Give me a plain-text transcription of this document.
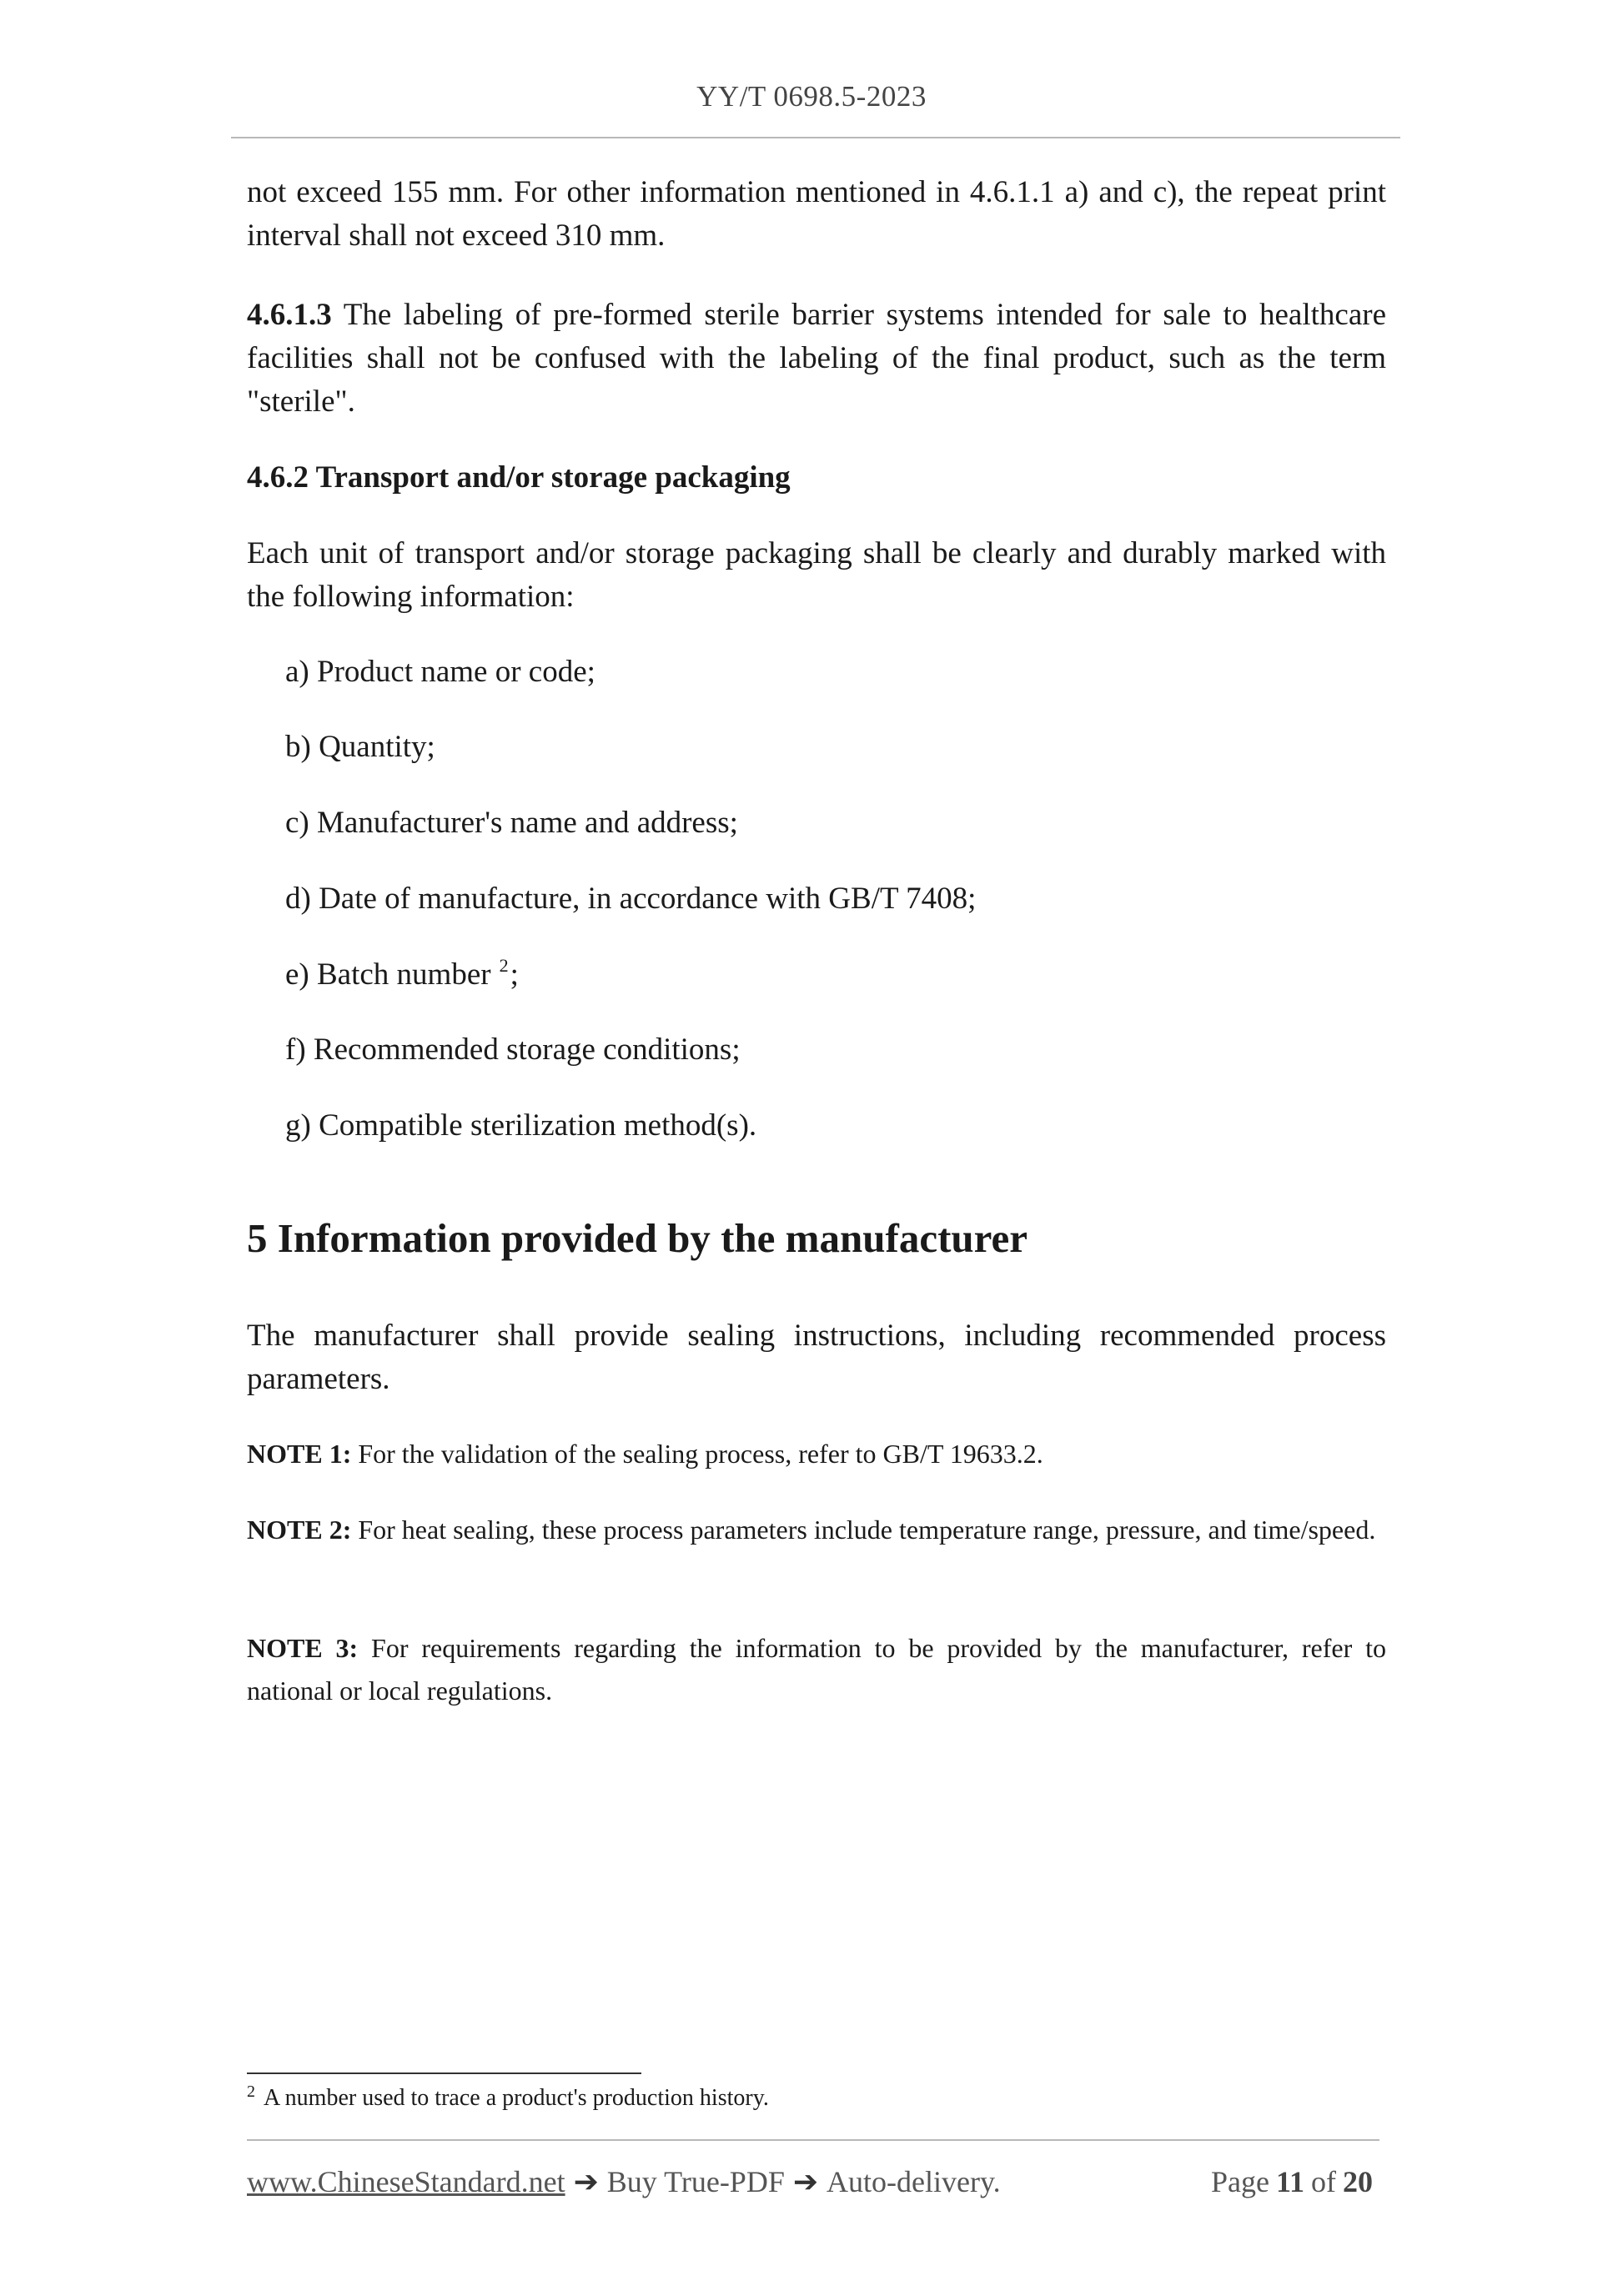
YY/T 0698.5-2023

not exceed 155 mm. For other information mentioned in 4.6.1.1 a) and c), the repeat print interval shall not exceed 310 mm.

4.6.1.3 The labeling of pre-formed sterile barrier systems intended for sale to healthcare facilities shall not be confused with the labeling of the final product, such as the term "sterile".

4.6.2 Transport and/or storage packaging

Each unit of transport and/or storage packaging shall be clearly and durably marked with the following information:

a) Product name or code;
b) Quantity;
c) Manufacturer's name and address;
d) Date of manufacture, in accordance with GB/T 7408;
e) Batch number $^2$;
f) Recommended storage conditions;
g) Compatible sterilization method(s).
5 Information provided by the manufacturer

The manufacturer shall provide sealing instructions, including recommended process parameters.

NOTE 1: For the validation of the sealing process, refer to GB/T 19633.2.

NOTE 2: For heat sealing, these process parameters include temperature range, pressure, and time/speed.

NOTE 3: For requirements regarding the information to be provided by the manufacturer, refer to national or local regulations.

$^2$ A number used to trace a product's production history.
www.ChineseStandard.net ➔ Buy True-PDF ➔ Auto-delivery.	Page 11 of 20
